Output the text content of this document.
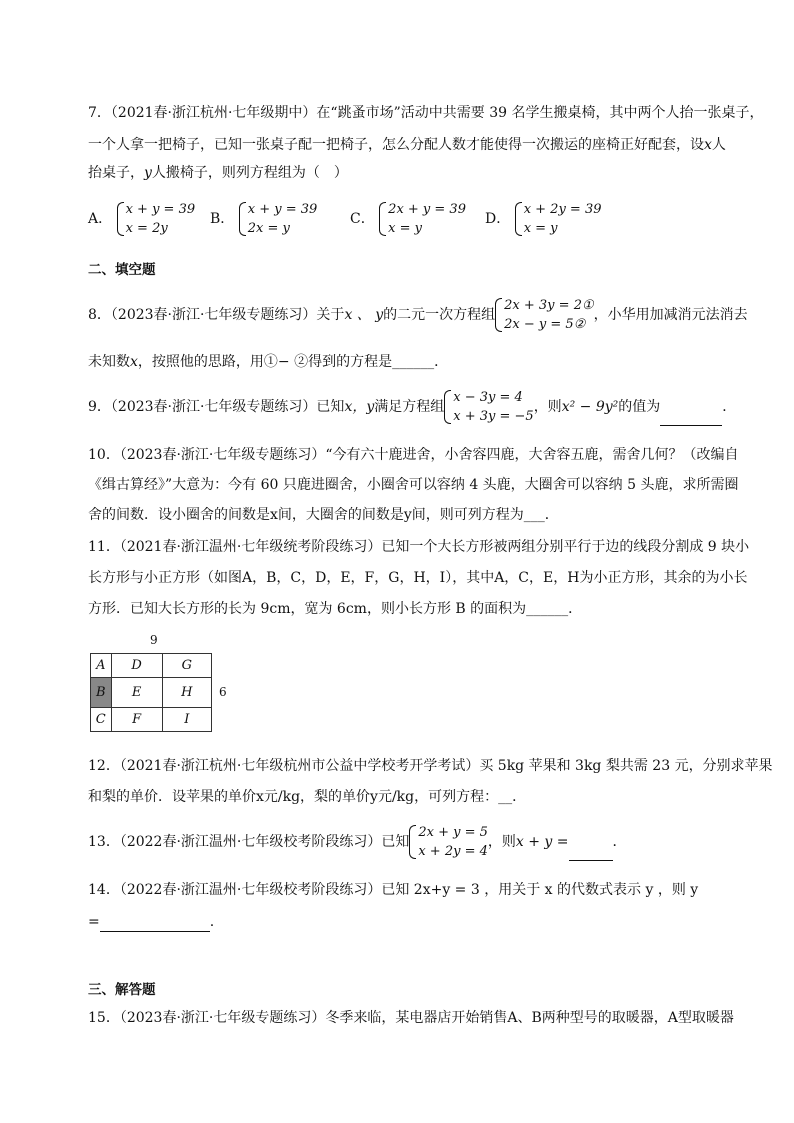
7．（2021春·浙江杭州·七年级期中）在“跳蚤市场”活动中共需要 39 名学生搬桌椅，其中两个人抬一张桌子，
一个人拿一把椅子，已知一张桌子配一把椅子，怎么分配人数才能使得一次搬运的座椅正好配套，设x人
抬桌子，y人搬椅子，则列方程组为（　）
A．
x + y = 39
x = 2y
B．
x + y = 39
2x = y
C．
2x + y = 39
x = y
D．
x + 2y = 39
x = y
二、填空题
8．（2023春·浙江·七年级专题练习）关于x 、 y的二元一次方程组
2x + 3y = 2①
2x − y = 5②
，小华用加减消元法消去
未知数x，按照他的思路，用①− ②得到的方程是______．
9．（2023春·浙江·七年级专题练习）已知x，y满足方程组
x − 3y = 4
x + 3y = −5
，则x² − 9y²的值为	．
10．（2023春·浙江·七年级专题练习）“今有六十鹿进舍，小舍容四鹿，大舍容五鹿，需舍几何？（改编自
《缉古算经》”大意为：今有 60 只鹿进圈舍，小圈舍可以容纳 4 头鹿，大圈舍可以容纳 5 头鹿，求所需圈
舍的间数．设小圈舍的间数是x间，大圈舍的间数是y间，则可列方程为___．
11．（2021春·浙江温州·七年级统考阶段练习）已知一个大长方形被两组分别平行于边的线段分割成 9 块小
长方形与小正方形（如图A，B，C，D，E，F，G，H，I），其中A，C，E，H为小正方形，其余的为小长
方形．已知大长方形的长为 9cm，宽为 6cm，则小长方形 B 的面积为______．
9
6
A	D	G
B	E	H
C	F	I
12．（2021春·浙江杭州·七年级杭州市公益中学校考开学考试）买 5kg 苹果和 3kg 梨共需 23 元，分别求苹果
和梨的单价．设苹果的单价x元/kg，梨的单价y元/kg，可列方程：__．
13．（2022春·浙江温州·七年级校考阶段练习）已知
2x + y = 5
x + 2y = 4
，则x + y =	．
14．（2022春·浙江温州·七年级校考阶段练习）已知 2x+y = 3 ，用关于 x 的代数式表示 y ，则 y
=	.
三、解答题
15．（2023春·浙江·七年级专题练习）冬季来临，某电器店开始销售A、B两种型号的取暖器，A型取暖器
